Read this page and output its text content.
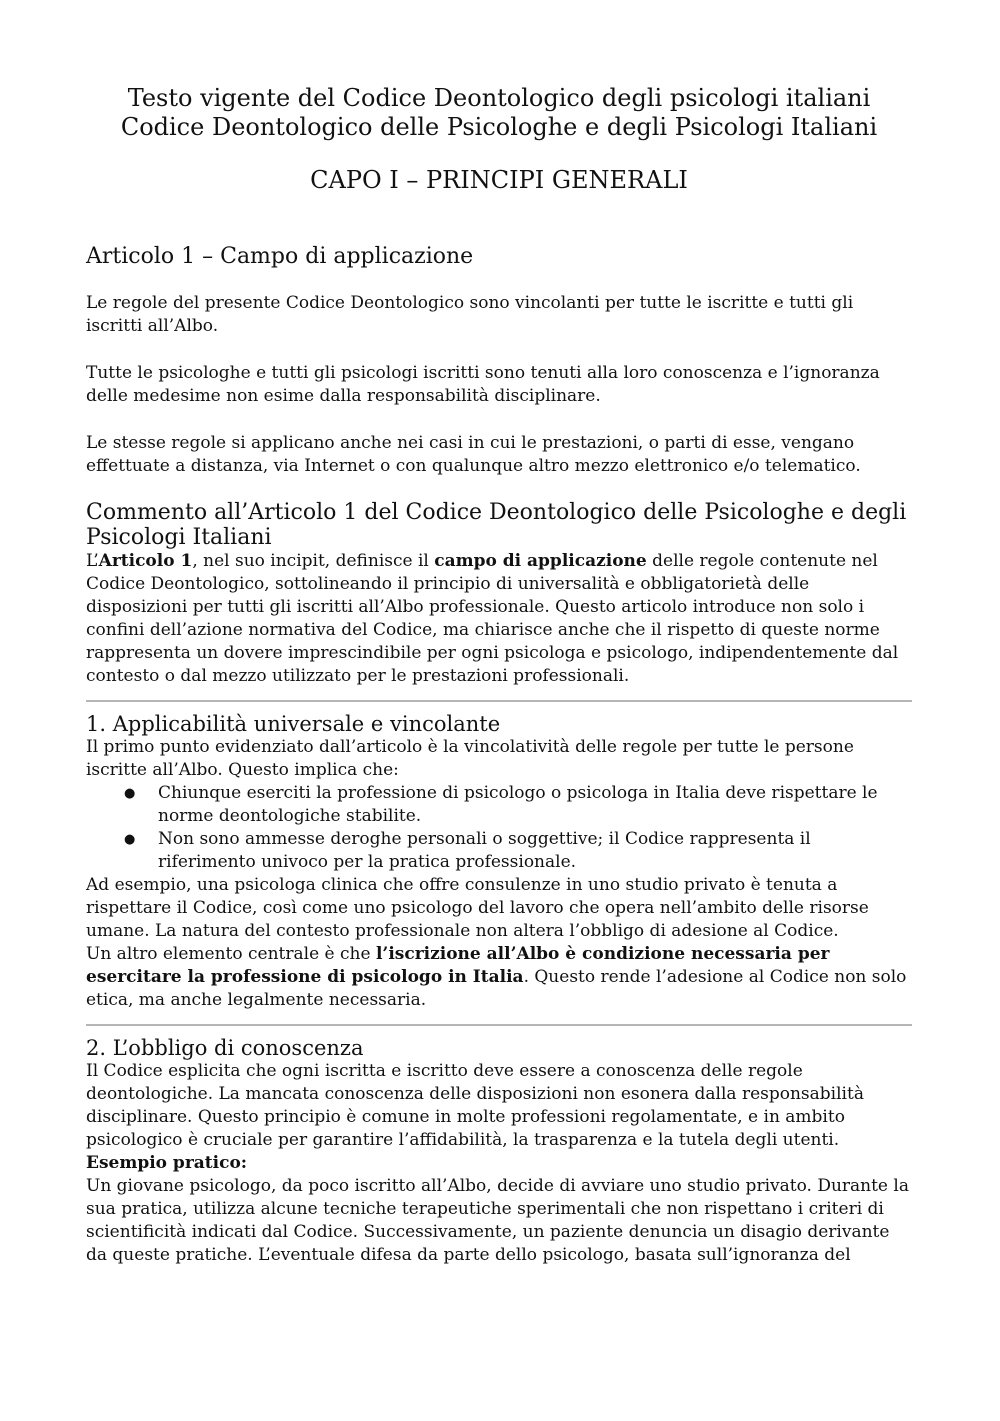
Testo vigente del Codice Deontologico degli psicologi italiani
Codice Deontologico delle Psicologhe e degli Psicologi Italiani
CAPO I – PRINCIPI GENERALI
Articolo 1 – Campo di applicazione

Le regole del presente Codice Deontologico sono vincolanti per tutte le iscritte e tutti gli iscritti all’Albo.

Tutte le psicologhe e tutti gli psicologi iscritti sono tenuti alla loro conoscenza e l’ignoranza delle medesime non esime dalla responsabilità disciplinare.

Le stesse regole si applicano anche nei casi in cui le prestazioni, o parti di esse, vengano effettuate a distanza, via Internet o con qualunque altro mezzo elettronico e/o telematico.

Commento all’Articolo 1 del Codice Deontologico delle Psicologhe e degli Psicologi Italiani

L’Articolo 1, nel suo incipit, definisce il campo di applicazione delle regole contenute nel Codice Deontologico, sottolineando il principio di universalità e obbligatorietà delle disposizioni per tutti gli iscritti all’Albo professionale. Questo articolo introduce non solo i confini dell’azione normativa del Codice, ma chiarisce anche che il rispetto di queste norme rappresenta un dovere imprescindibile per ogni psicologa e psicologo, indipendentemente dal contesto o dal mezzo utilizzato per le prestazioni professionali.

1. Applicabilità universale e vincolante

Il primo punto evidenziato dall’articolo è la vincolatività delle regole per tutte le persone iscritte all’Albo. Questo implica che:

● Chiunque eserciti la professione di psicologo o psicologa in Italia deve rispettare le norme deontologiche stabilite.
● Non sono ammesse deroghe personali o soggettive; il Codice rappresenta il riferimento univoco per la pratica professionale.

Ad esempio, una psicologa clinica che offre consulenze in uno studio privato è tenuta a rispettare il Codice, così come uno psicologo del lavoro che opera nell’ambito delle risorse umane. La natura del contesto professionale non altera l’obbligo di adesione al Codice.

Un altro elemento centrale è che l’iscrizione all’Albo è condizione necessaria per esercitare la professione di psicologo in Italia. Questo rende l’adesione al Codice non solo etica, ma anche legalmente necessaria.

2. L’obbligo di conoscenza

Il Codice esplicita che ogni iscritta e iscritto deve essere a conoscenza delle regole deontologiche. La mancata conoscenza delle disposizioni non esonera dalla responsabilità disciplinare. Questo principio è comune in molte professioni regolamentate, e in ambito psicologico è cruciale per garantire l’affidabilità, la trasparenza e la tutela degli utenti.

Esempio pratico:

Un giovane psicologo, da poco iscritto all’Albo, decide di avviare uno studio privato. Durante la sua pratica, utilizza alcune tecniche terapeutiche sperimentali che non rispettano i criteri di scientificità indicati dal Codice. Successivamente, un paziente denuncia un disagio derivante da queste pratiche. L’eventuale difesa da parte dello psicologo, basata sull’ignoranza del
